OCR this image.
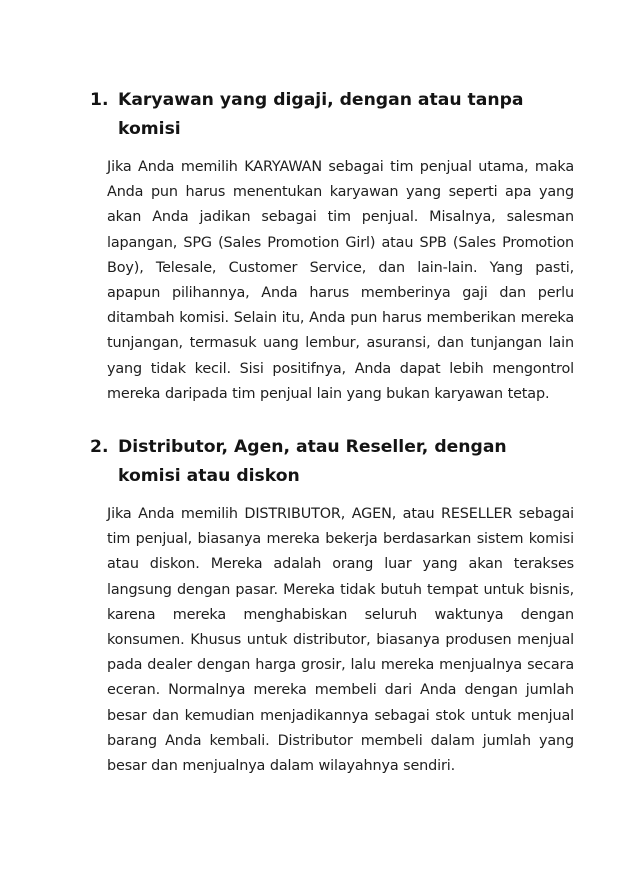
1. Karyawan yang digaji, dengan atau tanpa komisi

Jika Anda memilih KARYAWAN sebagai tim penjual utama, maka Anda pun harus menentukan karyawan yang seperti apa yang akan Anda jadikan sebagai tim penjual. Misalnya, salesman lapangan, SPG (Sales Promotion Girl) atau SPB (Sales Promotion Boy), Telesale, Customer Service, dan lain-lain. Yang pasti, apapun pilihannya, Anda harus memberinya gaji dan perlu ditambah komisi. Selain itu, Anda pun harus memberikan mereka tunjangan, termasuk uang lembur, asuransi, dan tunjangan lain yang tidak kecil. Sisi positifnya, Anda dapat lebih mengontrol mereka daripada tim penjual lain yang bukan karyawan tetap.

2. Distributor, Agen, atau Reseller, dengan komisi atau diskon

Jika Anda memilih DISTRIBUTOR, AGEN, atau RESELLER sebagai tim penjual, biasanya mereka bekerja berdasarkan sistem komisi atau diskon. Mereka adalah orang luar yang akan terakses langsung dengan pasar. Mereka tidak butuh tempat untuk bisnis, karena mereka menghabiskan seluruh waktunya dengan konsumen. Khusus untuk distributor, biasanya produsen menjual pada dealer dengan harga grosir, lalu mereka menjualnya secara eceran. Normalnya mereka membeli dari Anda dengan jumlah besar dan kemudian menjadikannya sebagai stok untuk menjual barang Anda kembali. Distributor membeli dalam jumlah yang besar dan menjualnya dalam wilayahnya sendiri.
